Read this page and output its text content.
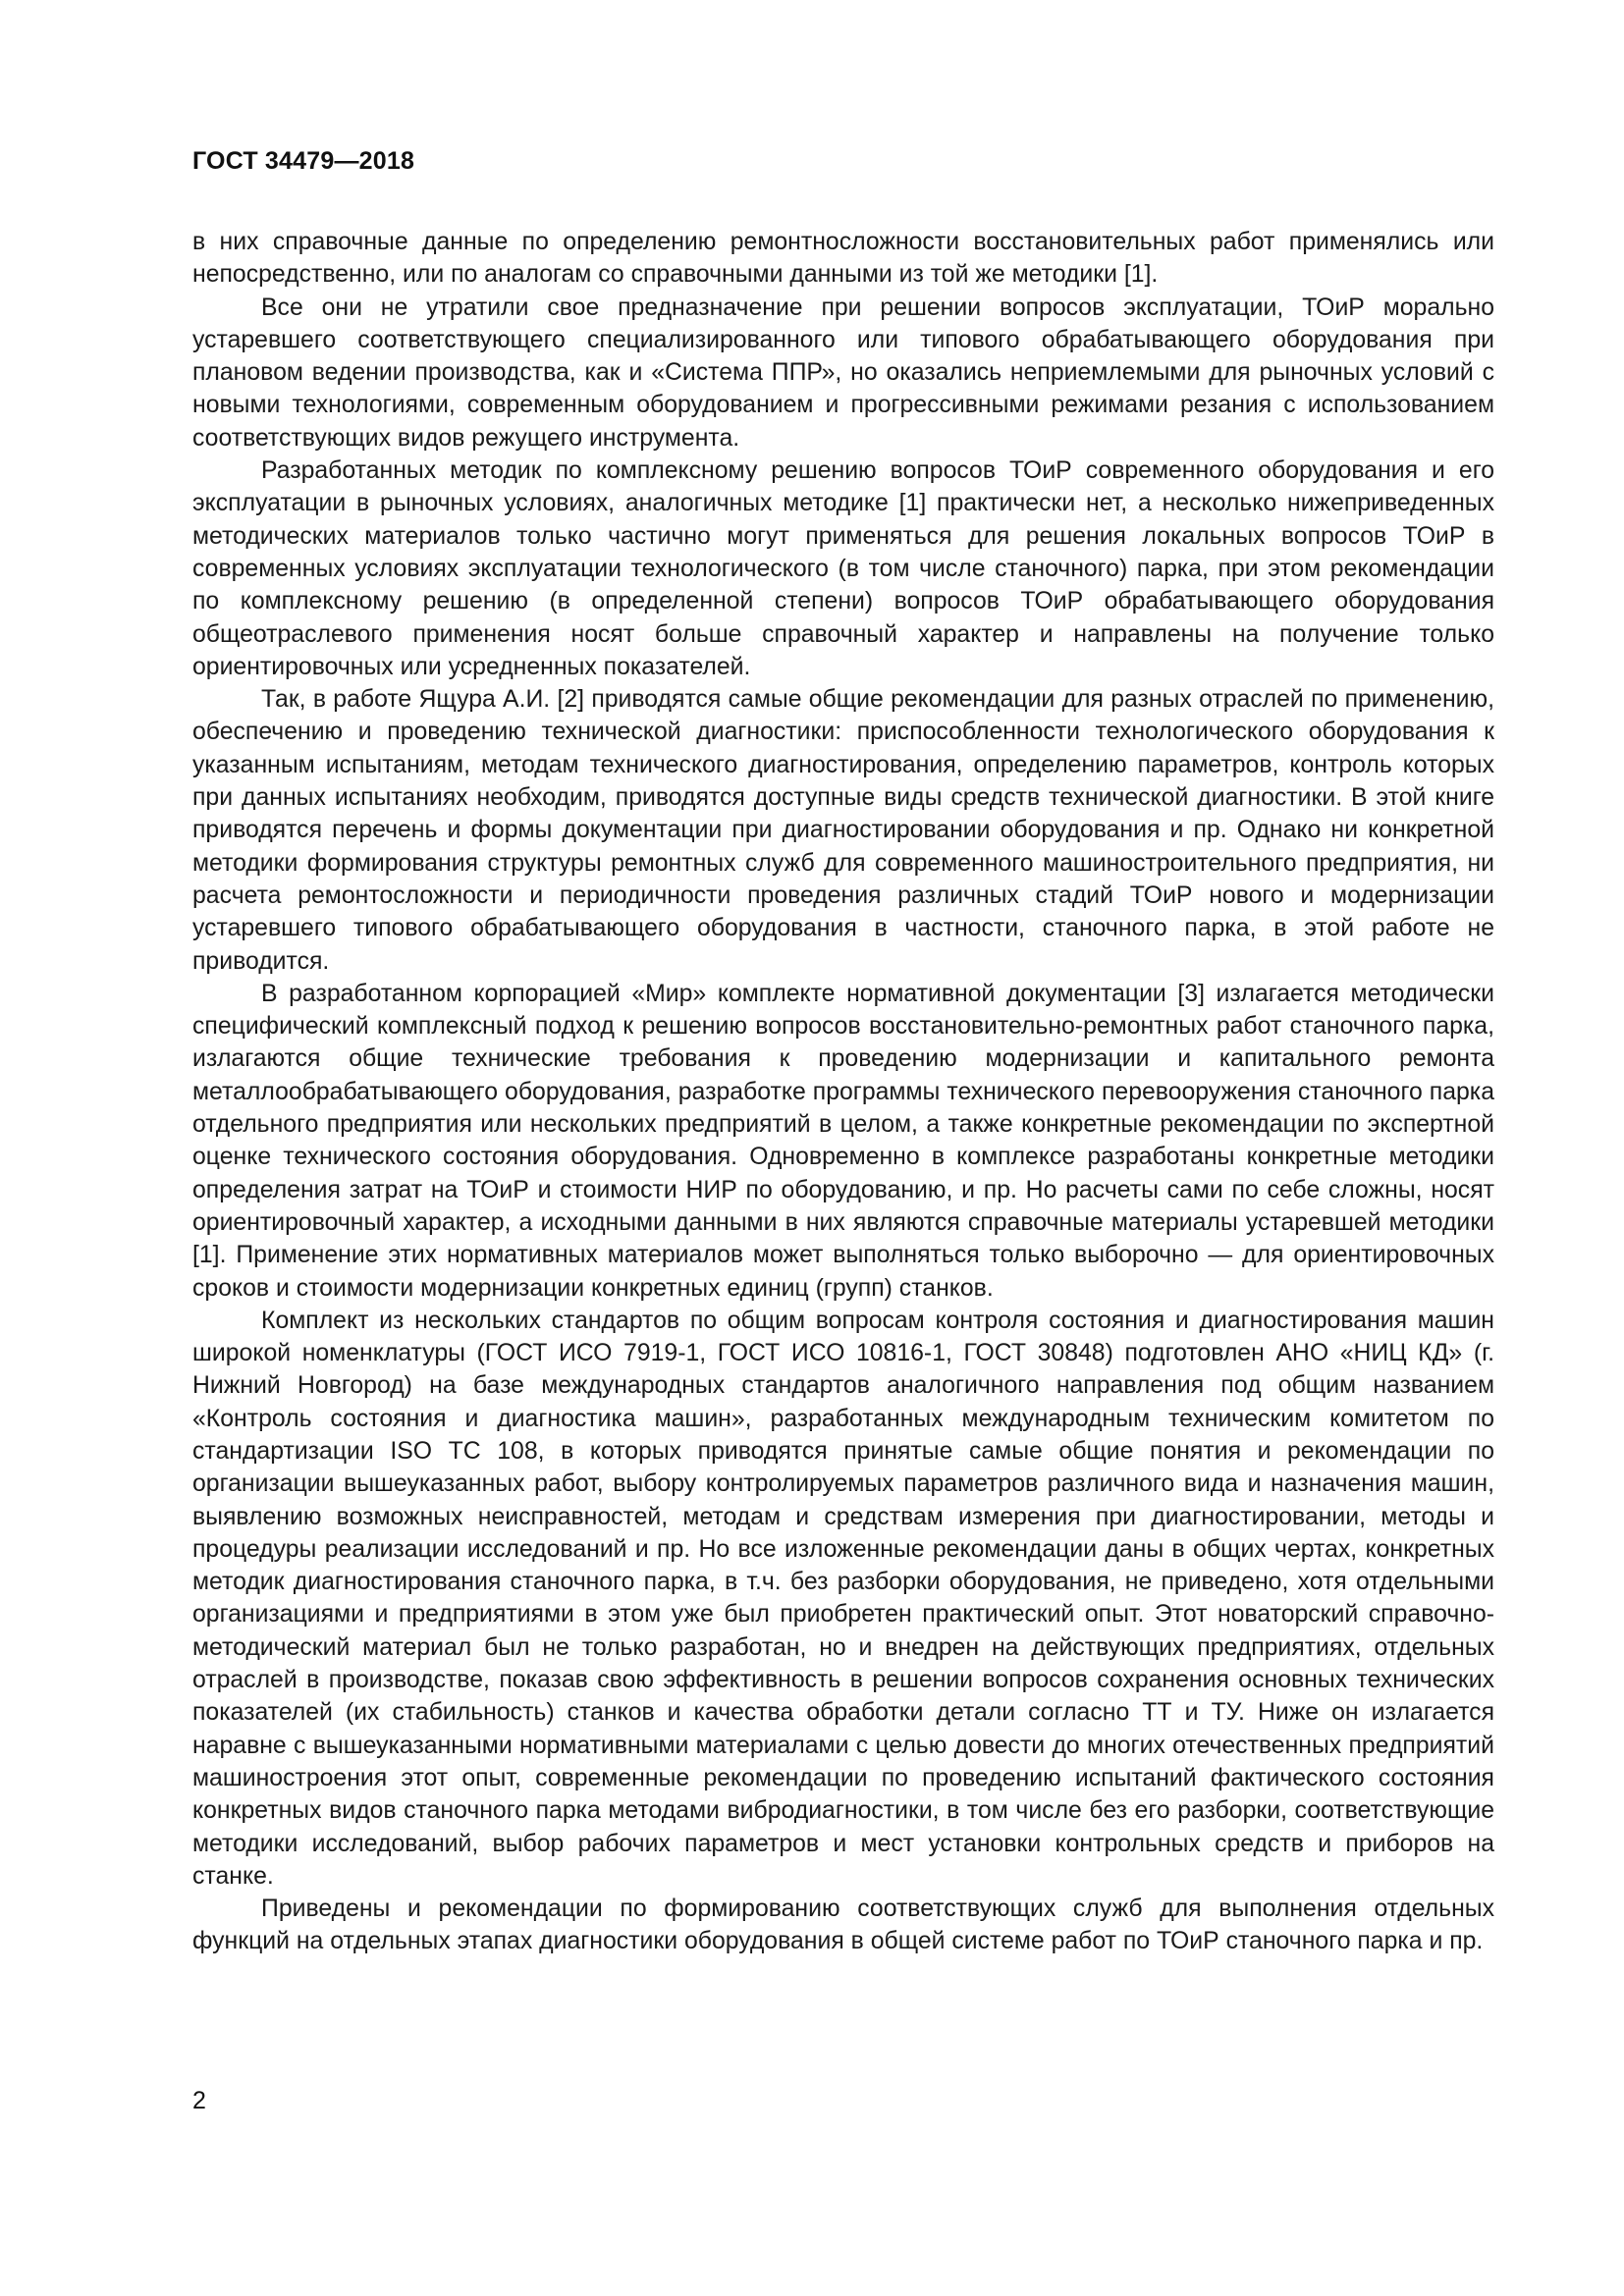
ГОСТ 34479—2018

в них справочные данные по определению ремонтносложности восстановительных работ применялись или непосредственно, или по аналогам со справочными данными из той же методики [1].

Все они не утратили свое предназначение при решении вопросов эксплуатации, ТОиР морально устаревшего соответствующего специализированного или типового обрабатывающего оборудования при плановом ведении производства, как и «Система ППР», но оказались неприемлемыми для рыночных условий с новыми технологиями, современным оборудованием и прогрессивными режимами резания с использованием соответствующих видов режущего инструмента.

Разработанных методик по комплексному решению вопросов ТОиР современного оборудования и его эксплуатации в рыночных условиях, аналогичных методике [1] практически нет, а несколько нижеприведенных методических материалов только частично могут применяться для решения локальных вопросов ТОиР в современных условиях эксплуатации технологического (в том числе станочного) парка, при этом рекомендации по комплексному решению (в определенной степени) вопросов ТОиР обрабатывающего оборудования общеотраслевого применения носят больше справочный характер и направлены на получение только ориентировочных или усредненных показателей.

Так, в работе Ящура А.И. [2] приводятся самые общие рекомендации для разных отраслей по применению, обеспечению и проведению технической диагностики: приспособленности технологического оборудования к указанным испытаниям, методам технического диагностирования, определению параметров, контроль которых при данных испытаниях необходим, приводятся доступные виды средств технической диагностики. В этой книге приводятся перечень и формы документации при диагностировании оборудования и пр. Однако ни конкретной методики формирования структуры ремонтных служб для современного машиностроительного предприятия, ни расчета ремонтосложности и периодичности проведения различных стадий ТОиР нового и модернизации устаревшего типового обрабатывающего оборудования в частности, станочного парка, в этой работе не приводится.

В разработанном корпорацией «Мир» комплекте нормативной документации [3] излагается методически специфический комплексный подход к решению вопросов восстановительно-ремонтных работ станочного парка, излагаются общие технические требования к проведению модернизации и капитального ремонта металлообрабатывающего оборудования, разработке программы технического перевооружения станочного парка отдельного предприятия или нескольких предприятий в целом, а также конкретные рекомендации по экспертной оценке технического состояния оборудования. Одновременно в комплексе разработаны конкретные методики определения затрат на ТОиР и стоимости НИР по оборудованию, и пр. Но расчеты сами по себе сложны, носят ориентировочный характер, а исходными данными в них являются справочные материалы устаревшей методики [1]. Применение этих нормативных материалов может выполняться только выборочно — для ориентировочных сроков и стоимости модернизации конкретных единиц (групп) станков.

Комплект из нескольких стандартов по общим вопросам контроля состояния и диагностирования машин широкой номенклатуры (ГОСТ ИСО 7919-1, ГОСТ ИСО 10816-1, ГОСТ 30848) подготовлен АНО «НИЦ КД» (г. Нижний Новгород) на базе международных стандартов аналогичного направления под общим названием «Контроль состояния и диагностика машин», разработанных международным техническим комитетом по стандартизации ISO ТС 108, в которых приводятся принятые самые общие понятия и рекомендации по организации вышеуказанных работ, выбору контролируемых параметров различного вида и назначения машин, выявлению возможных неисправностей, методам и средствам измерения при диагностировании, методы и процедуры реализации исследований и пр. Но все изложенные рекомендации даны в общих чертах, конкретных методик диагностирования станочного парка, в т.ч. без разборки оборудования, не приведено, хотя отдельными организациями и предприятиями в этом уже был приобретен практический опыт. Этот новаторский справочно-методический материал был не только разработан, но и внедрен на действующих предприятиях, отдельных отраслей в производстве, показав свою эффективность в решении вопросов сохранения основных технических показателей (их стабильность) станков и качества обработки детали согласно ТТ и ТУ. Ниже он излагается наравне с вышеуказанными нормативными материалами с целью довести до многих отечественных предприятий машиностроения этот опыт, современные рекомендации по проведению испытаний фактического состояния конкретных видов станочного парка методами вибродиагностики, в том числе без его разборки, соответствующие методики исследований, выбор рабочих параметров и мест установки контрольных средств и приборов на станке.

Приведены и рекомендации по формированию соответствующих служб для выполнения отдельных функций на отдельных этапах диагностики оборудования в общей системе работ по ТОиР станочного парка и пр.

2
